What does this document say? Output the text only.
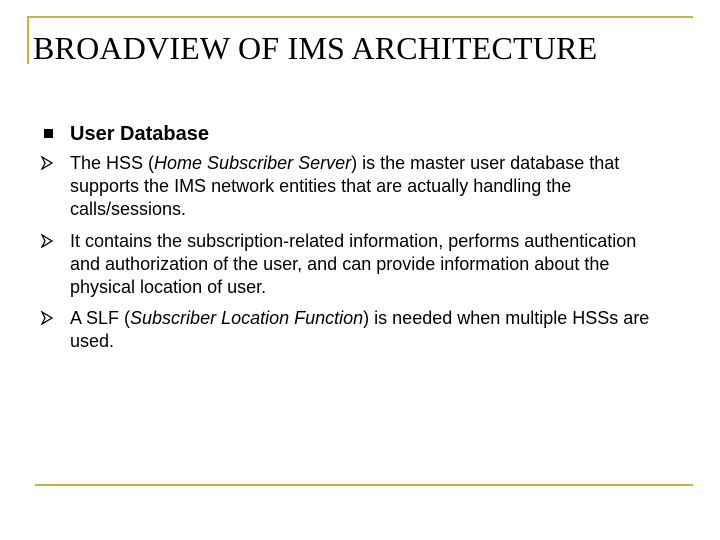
BROADVIEW OF IMS ARCHITECTURE
User Database

The HSS (Home Subscriber Server) is the master user database that supports the IMS network entities that are actually handling the calls/sessions.

It contains the subscription-related information, performs authentication and authorization of the user, and can provide information about the physical location of user.

A SLF (Subscriber Location Function) is needed when multiple HSSs are used.
